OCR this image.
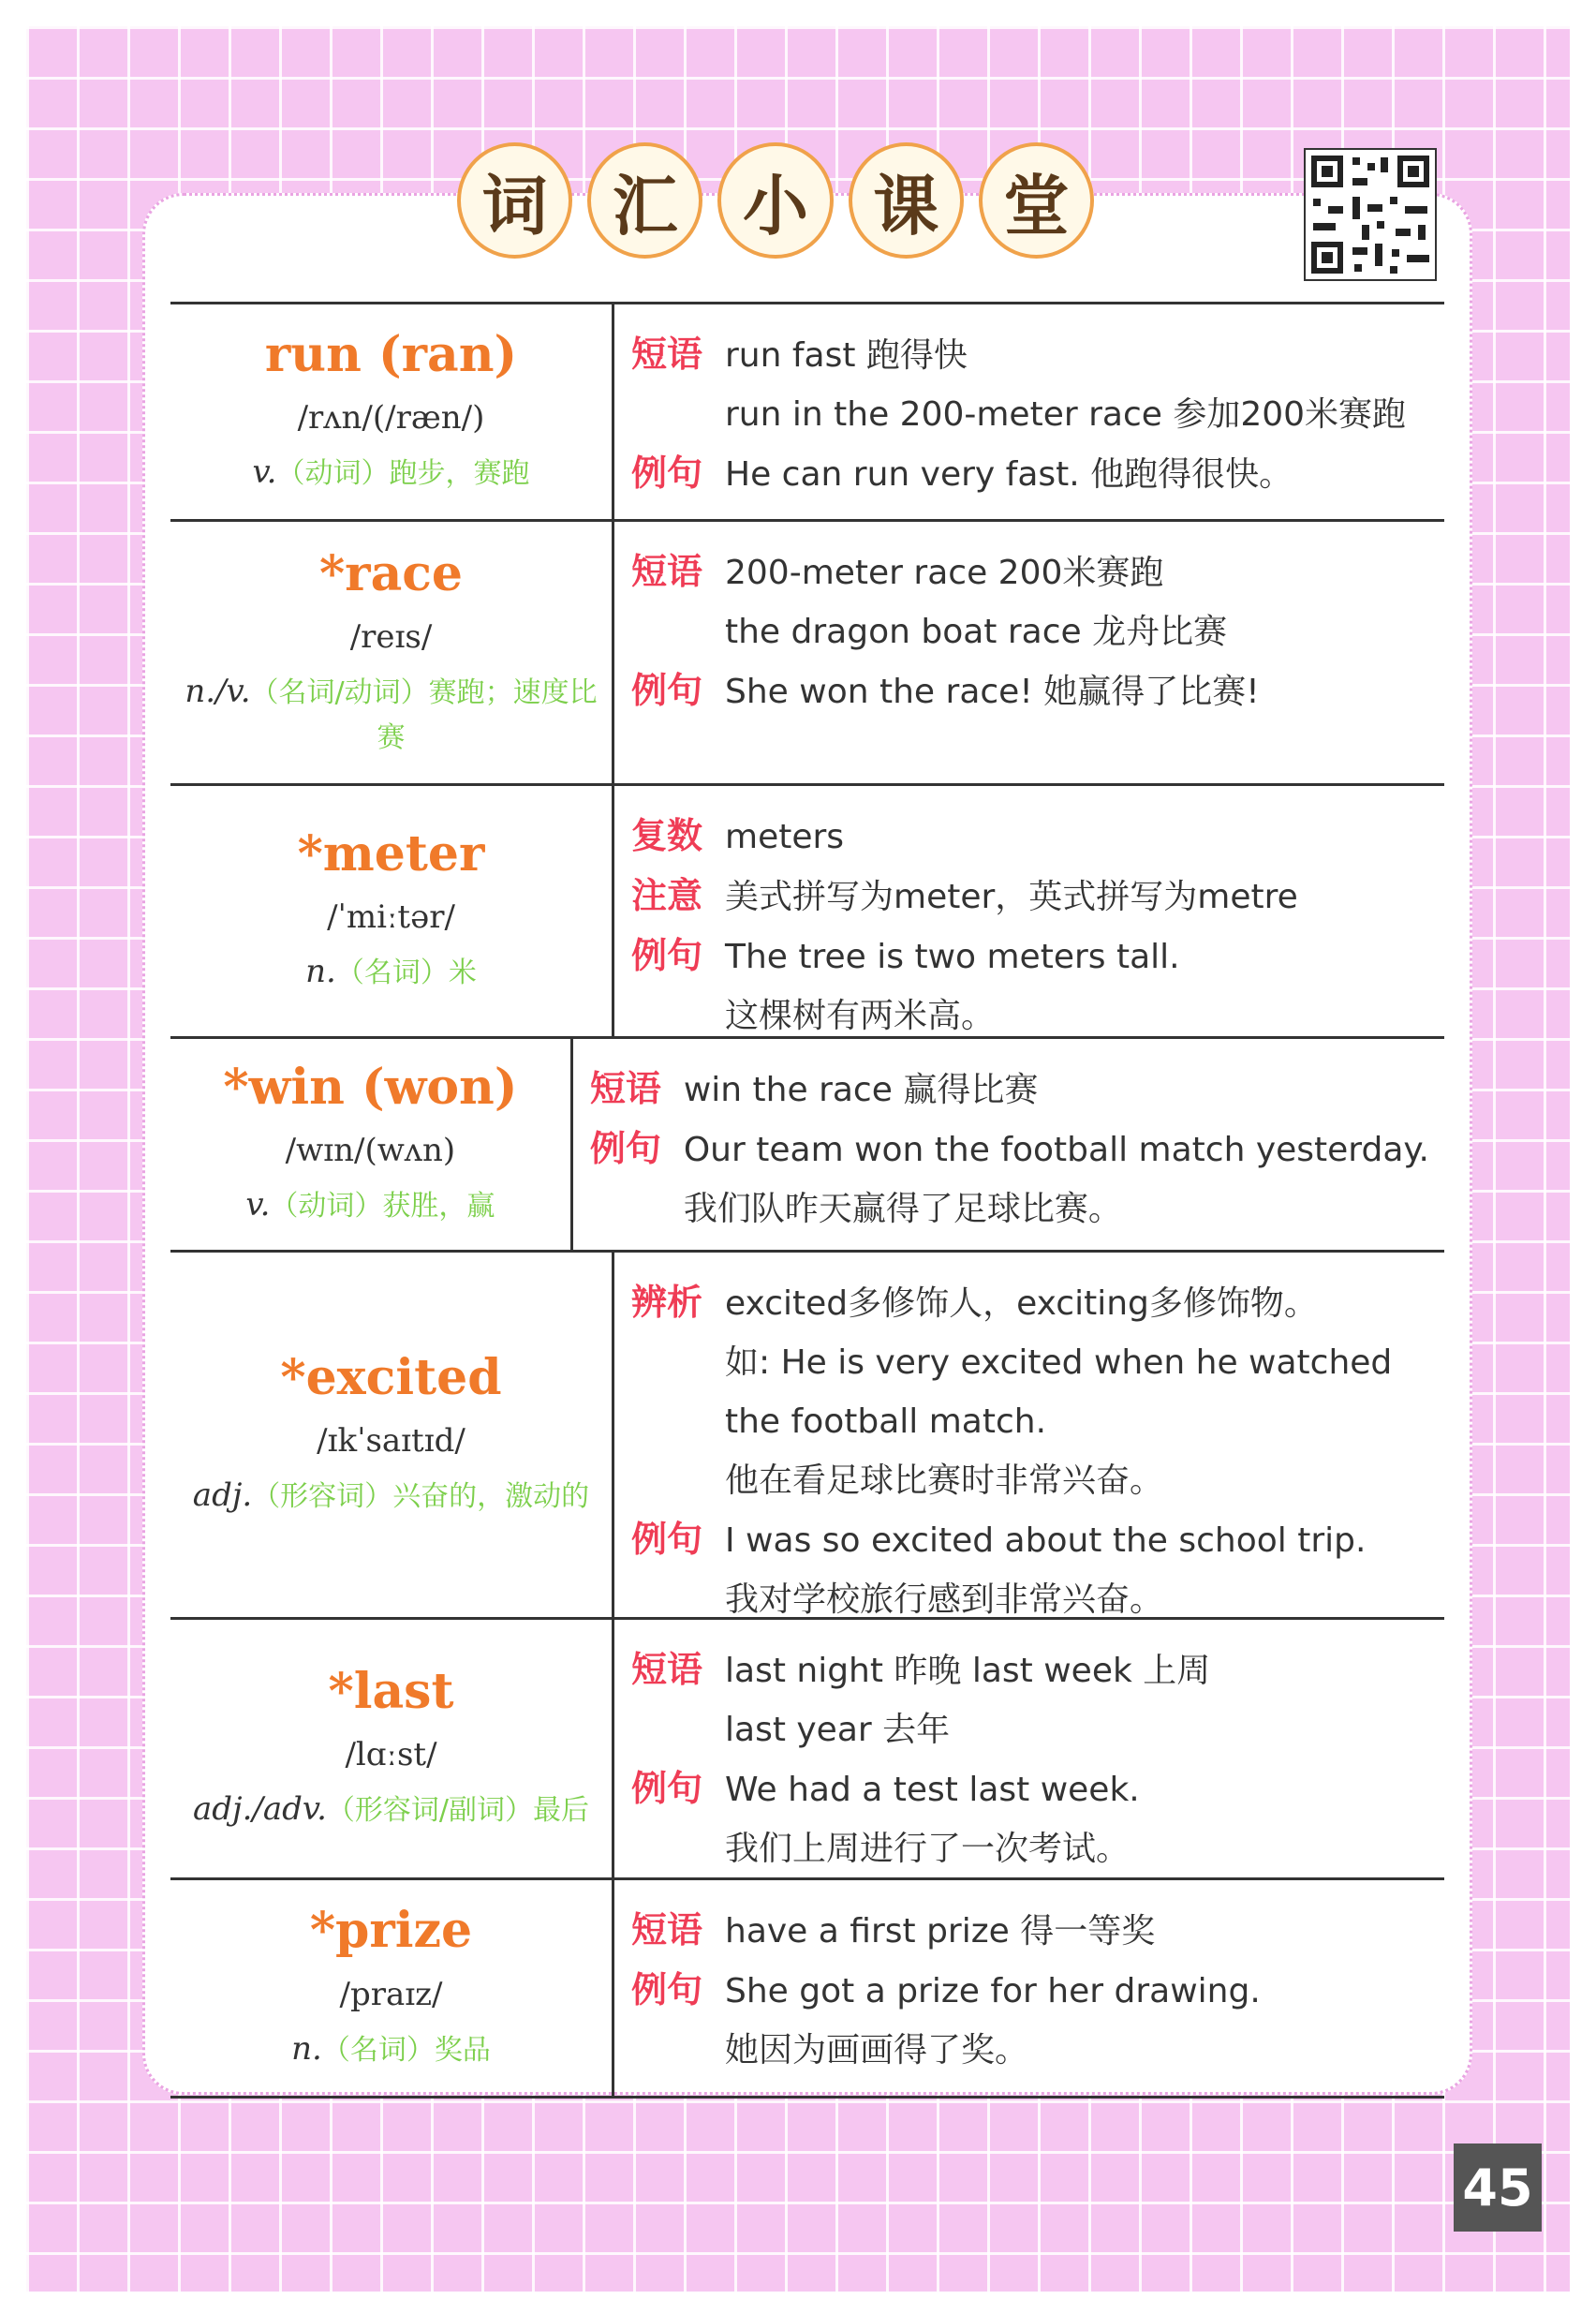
词 汇 小 课 堂
run (ran)
/rʌn/(/ræn/)
v.（动词）跑步，赛跑
短语 run fast 跑得快
run in the 200-meter race 参加200米赛跑
例句 He can run very fast. 他跑得很快。
*race
/reɪs/
n./v.（名词/动词）赛跑；速度比赛
短语 200-meter race 200米赛跑
the dragon boat race 龙舟比赛
例句 She won the race! 她赢得了比赛!
*meter
/ˈmiːtər/
n.（名词）米
复数 meters
注意 美式拼写为meter，英式拼写为metre
例句 The tree is two meters tall.
这棵树有两米高。
*win (won)
/wɪn/(wʌn)
v.（动词）获胜，赢
短语 win the race 赢得比赛
例句 Our team won the football match yesterday.
我们队昨天赢得了足球比赛。
*excited
/ɪkˈsaɪtɪd/
adj.（形容词）兴奋的，激动的
辨析 excited多修饰人，exciting多修饰物。
如: He is very excited when he watched
the football match.
他在看足球比赛时非常兴奋。
例句 I was so excited about the school trip.
我对学校旅行感到非常兴奋。
*last
/lɑːst/
adj./adv.（形容词/副词）最后
短语 last night 昨晚 last week 上周
last year 去年
例句 We had a test last week.
我们上周进行了一次考试。
*prize
/praɪz/
n.（名词）奖品
短语 have a first prize 得一等奖
例句 She got a prize for her drawing.
她因为画画得了奖。
45
